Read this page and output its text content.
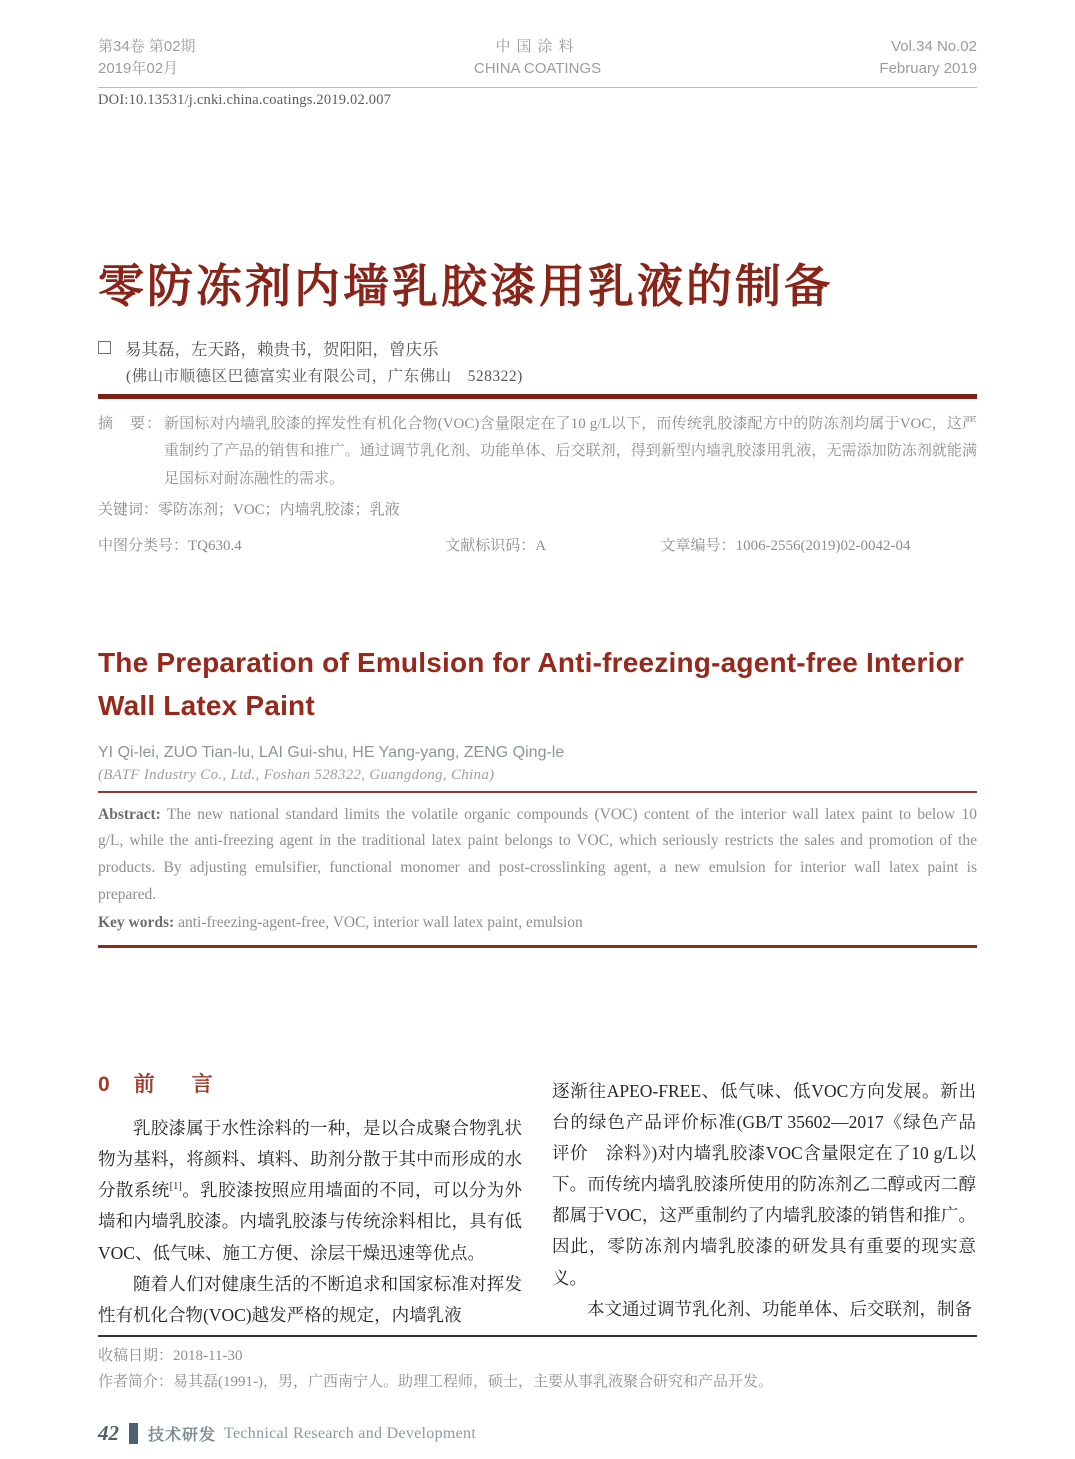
第34卷 第02期
2019年02月
中国涂料
CHINA COATINGS
Vol.34 No.02
February 2019
DOI:10.13531/j.cnki.china.coatings.2019.02.007
零防冻剂内墙乳胶漆用乳液的制备
易其磊，左天路，赖贵书，贺阳阳，曾庆乐
(佛山市顺德区巴德富实业有限公司，广东佛山　528322)
摘　要： 新国标对内墙乳胶漆的挥发性有机化合物(VOC)含量限定在了10 g/L以下，而传统乳胶漆配方中的防冻剂均属于VOC，这严重制约了产品的销售和推广。通过调节乳化剂、功能单体、后交联剂，得到新型内墙乳胶漆用乳液，无需添加防冻剂就能满足国标对耐冻融性的需求。
关键词：零防冻剂；VOC；内墙乳胶漆；乳液
中图分类号：TQ630.4	文献标识码：A	文章编号：1006-2556(2019)02-0042-04
The Preparation of Emulsion for Anti-freezing-agent-free Interior Wall Latex Paint
YI Qi-lei, ZUO Tian-lu, LAI Gui-shu, HE Yang-yang, ZENG Qing-le
(BATF Industry Co., Ltd., Foshan 528322, Guangdong, China)
Abstract: The new national standard limits the volatile organic compounds (VOC) content of the interior wall latex paint to below 10 g/L, while the anti-freezing agent in the traditional latex paint belongs to VOC, which seriously restricts the sales and promotion of the products. By adjusting emulsifier, functional monomer and post-crosslinking agent, a new emulsion for interior wall latex paint is prepared.
Key words: anti-freezing-agent-free, VOC, interior wall latex paint, emulsion
0 前　言

乳胶漆属于水性涂料的一种，是以合成聚合物乳状物为基料，将颜料、填料、助剂分散于其中而形成的水分散系统[1]。乳胶漆按照应用墙面的不同，可以分为外墙和内墙乳胶漆。内墙乳胶漆与传统涂料相比，具有低VOC、低气味、施工方便、涂层干燥迅速等优点。

随着人们对健康生活的不断追求和国家标准对挥发性有机化合物(VOC)越发严格的规定，内墙乳液

逐渐往APEO-FREE、低气味、低VOC方向发展。新出台的绿色产品评价标准(GB/T 35602—2017《绿色产品评价　涂料》)对内墙乳胶漆VOC含量限定在了10 g/L以下。而传统内墙乳胶漆所使用的防冻剂乙二醇或丙二醇都属于VOC，这严重制约了内墙乳胶漆的销售和推广。因此，零防冻剂内墙乳胶漆的研发具有重要的现实意义。

本文通过调节乳化剂、功能单体、后交联剂，制备

收稿日期：2018-11-30
作者简介：易其磊(1991-)，男，广西南宁人。助理工程师，硕士，主要从事乳液聚合研究和产品开发。
42 技术研发 Technical Research and Development
